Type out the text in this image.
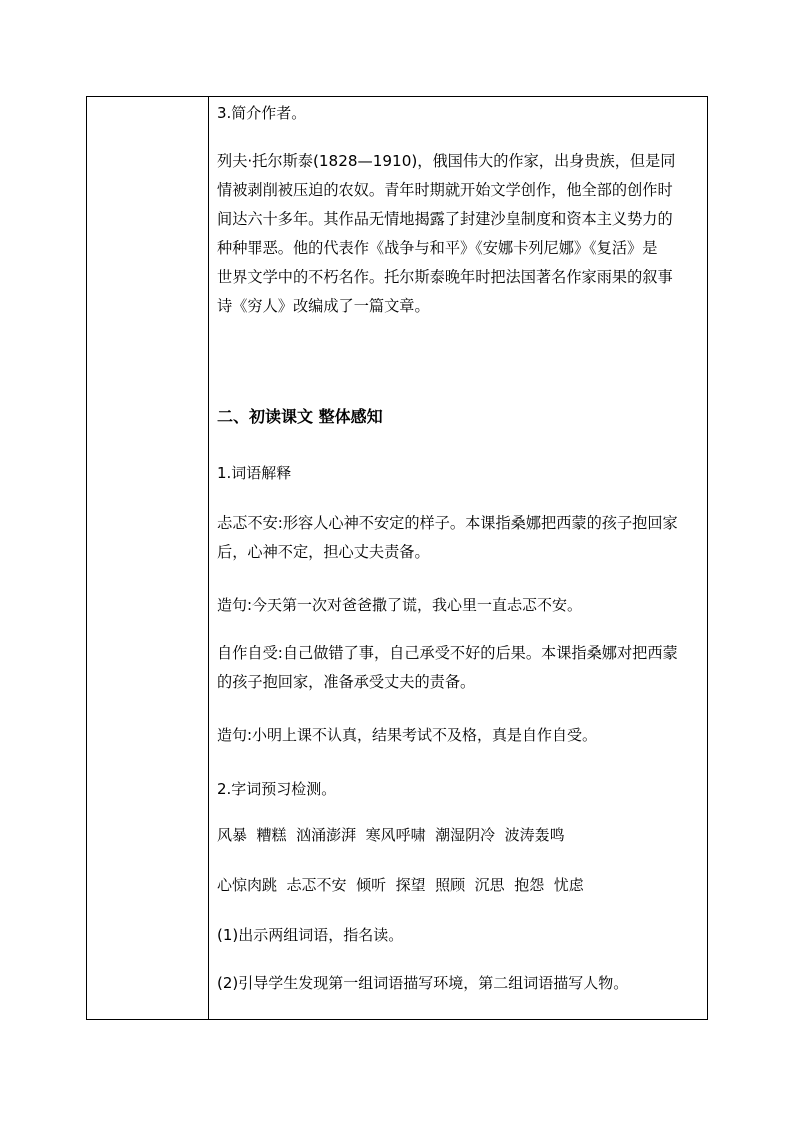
3.简介作者。
列夫·托尔斯泰(1828—1910)，俄国伟大的作家，出身贵族，但是同
情被剥削被压迫的农奴。青年时期就开始文学创作，他全部的创作时
间达六十多年。其作品无情地揭露了封建沙皇制度和资本主义势力的
种种罪恶。他的代表作《战争与和平》《安娜卡列尼娜》《复活》是
世界文学中的不朽名作。托尔斯泰晚年时把法国著名作家雨果的叙事
诗《穷人》改编成了一篇文章。
二、初读课文 整体感知
1.词语解释
忐忑不安:形容人心神不安定的样子。本课指桑娜把西蒙的孩子抱回家
后，心神不定，担心丈夫责备。
造句:今天第一次对爸爸撒了谎，我心里一直忐忑不安。
自作自受:自己做错了事，自己承受不好的后果。本课指桑娜对把西蒙
的孩子抱回家，准备承受丈夫的责备。
造句:小明上课不认真，结果考试不及格，真是自作自受。
2.字词预习检测。
风暴  糟糕  汹涌澎湃  寒风呼啸  潮湿阴冷  波涛轰鸣
心惊肉跳  忐忑不安  倾听  探望  照顾  沉思  抱怨  忧虑
(1)出示两组词语，指名读。
(2)引导学生发现第一组词语描写环境，第二组词语描写人物。
